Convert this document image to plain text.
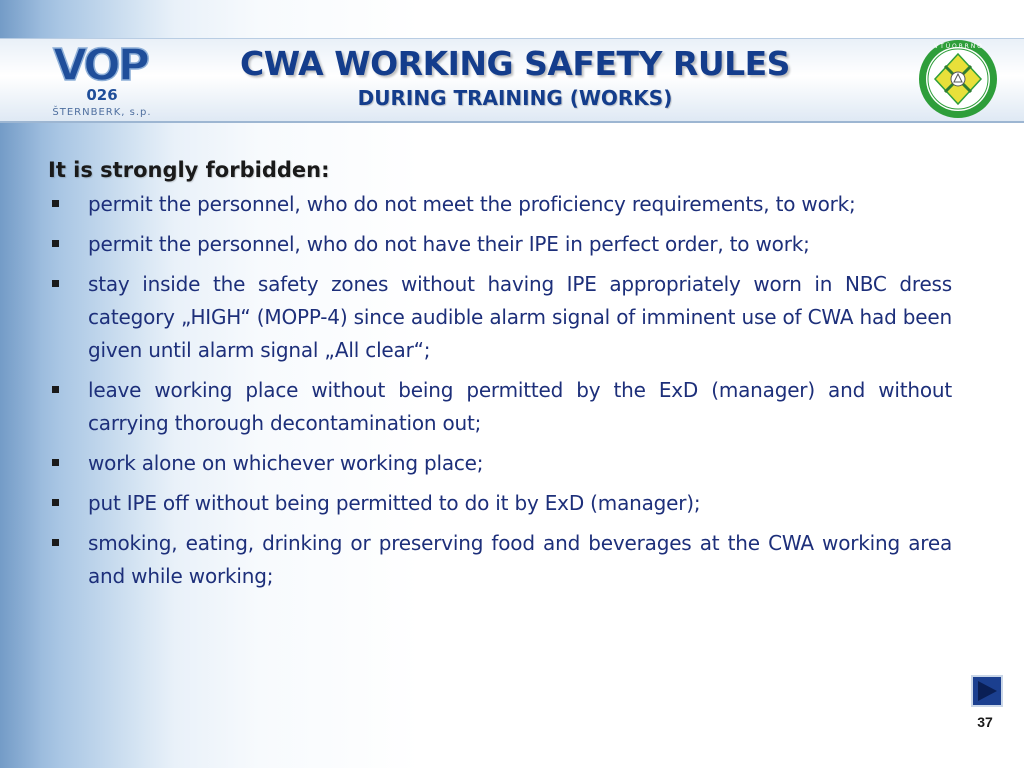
VOP
026
ŠTERNBERK, s.p.
CWA WORKING SAFETY RULES
DURING TRAINING (WORKS)
V T Ú O B R N O
It is strongly forbidden:
permit the personnel, who do not meet the proficiency requirements, to work;
permit the personnel, who do not have their IPE in perfect order, to work;
stay inside the safety zones without having IPE appropriately worn in NBC dress category „HIGH“ (MOPP-4) since audible alarm signal of imminent use of CWA had been given until alarm signal „All clear“;
leave working place without being permitted by the ExD (manager) and without carrying thorough decontamination out;
work alone on whichever working place;
put IPE off without being permitted to do it by ExD (manager);
smoking, eating, drinking or preserving food and beverages at the CWA working area and while working;
37
